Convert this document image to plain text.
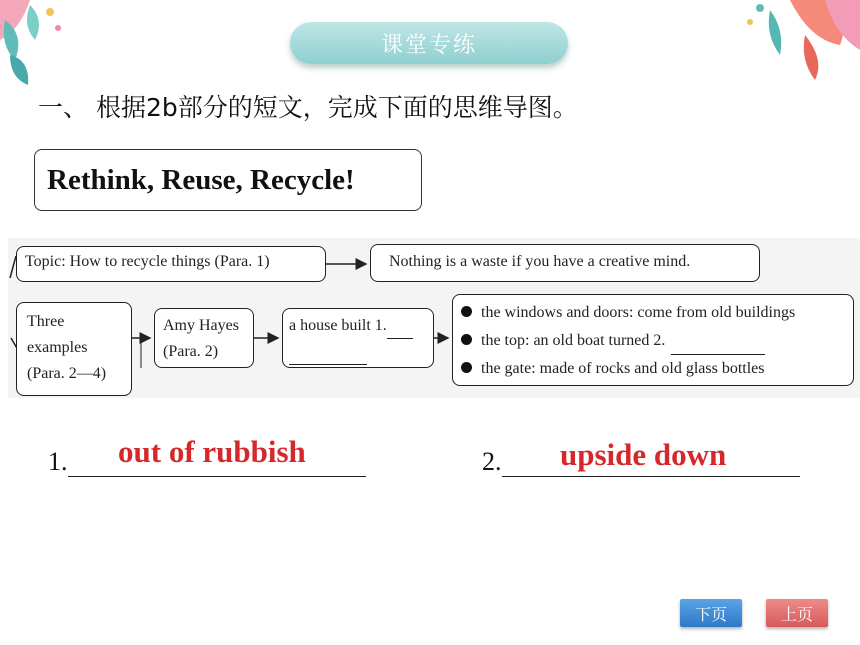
课堂专练
一、 根据2b部分的短文，完成下面的思维导图。
Rethink, Reuse, Recycle!
Topic: How to recycle things (Para. 1)	Nothing is a waste if you have a creative mind.
Three
examples
(Para. 2—4)
Amy Hayes
(Para. 2)
a house built 1.
the windows and doors: come from old buildings
the top: an old boat turned 2.
the gate: made of rocks and old glass bottles
1.	out of rubbish	2.	upside down
下页	上页
